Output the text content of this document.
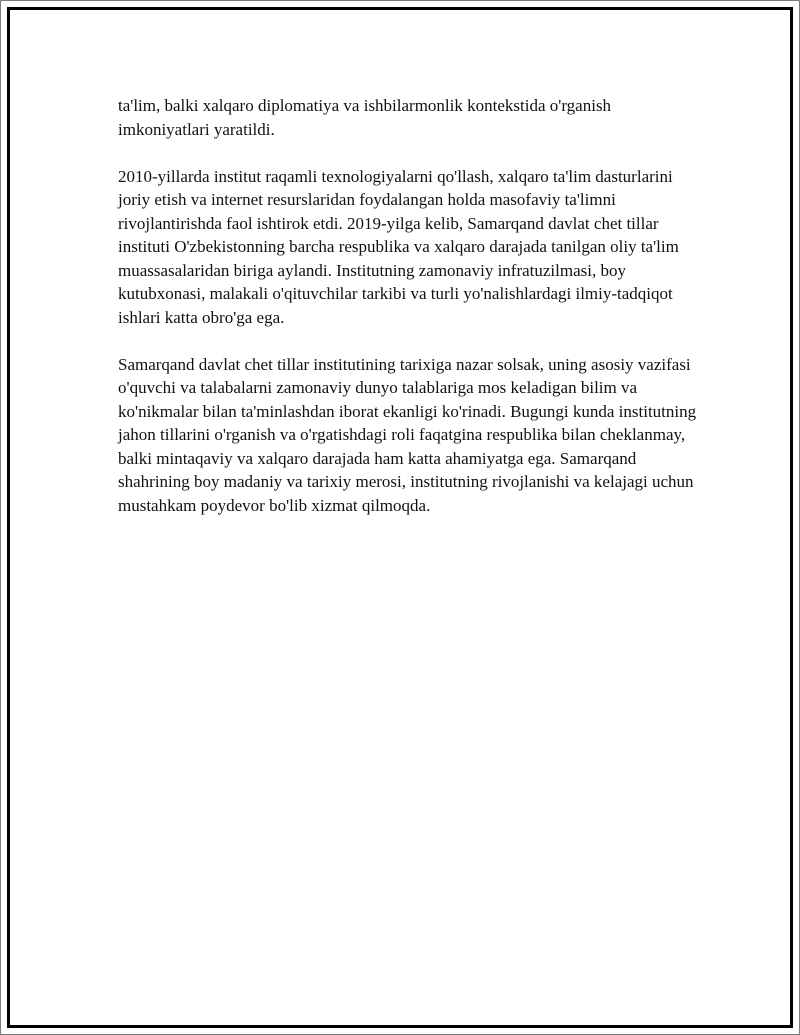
ta'lim, balki xalqaro diplomatiya va ishbilarmonlik kontekstida o'rganish imkoniyatlari yaratildi.

2010-yillarda institut raqamli texnologiyalarni qo'llash, xalqaro ta'lim dasturlarini joriy etish va internet resurslaridan foydalangan holda masofaviy ta'limni rivojlantirishda faol ishtirok etdi. 2019-yilga kelib, Samarqand davlat chet tillar instituti O'zbekistonning barcha respublika va xalqaro darajada tanilgan oliy ta'lim muassasalaridan biriga aylandi. Institutning zamonaviy infratuzilmasi, boy kutubxonasi, malakali o'qituvchilar tarkibi va turli yo'nalishlardagi ilmiy-tadqiqot ishlari katta obro'ga ega.

Samarqand davlat chet tillar institutining tarixiga nazar solsak, uning asosiy vazifasi o'quvchi va talabalarni zamonaviy dunyo talablariga mos keladigan bilim va ko'nikmalar bilan ta'minlashdan iborat ekanligi ko'rinadi. Bugungi kunda institutning jahon tillarini o'rganish va o'rgatishdagi roli faqatgina respublika bilan cheklanmay, balki mintaqaviy va xalqaro darajada ham katta ahamiyatga ega. Samarqand shahrining boy madaniy va tarixiy merosi, institutning rivojlanishi va kelajagi uchun mustahkam poydevor bo'lib xizmat qilmoqda.
